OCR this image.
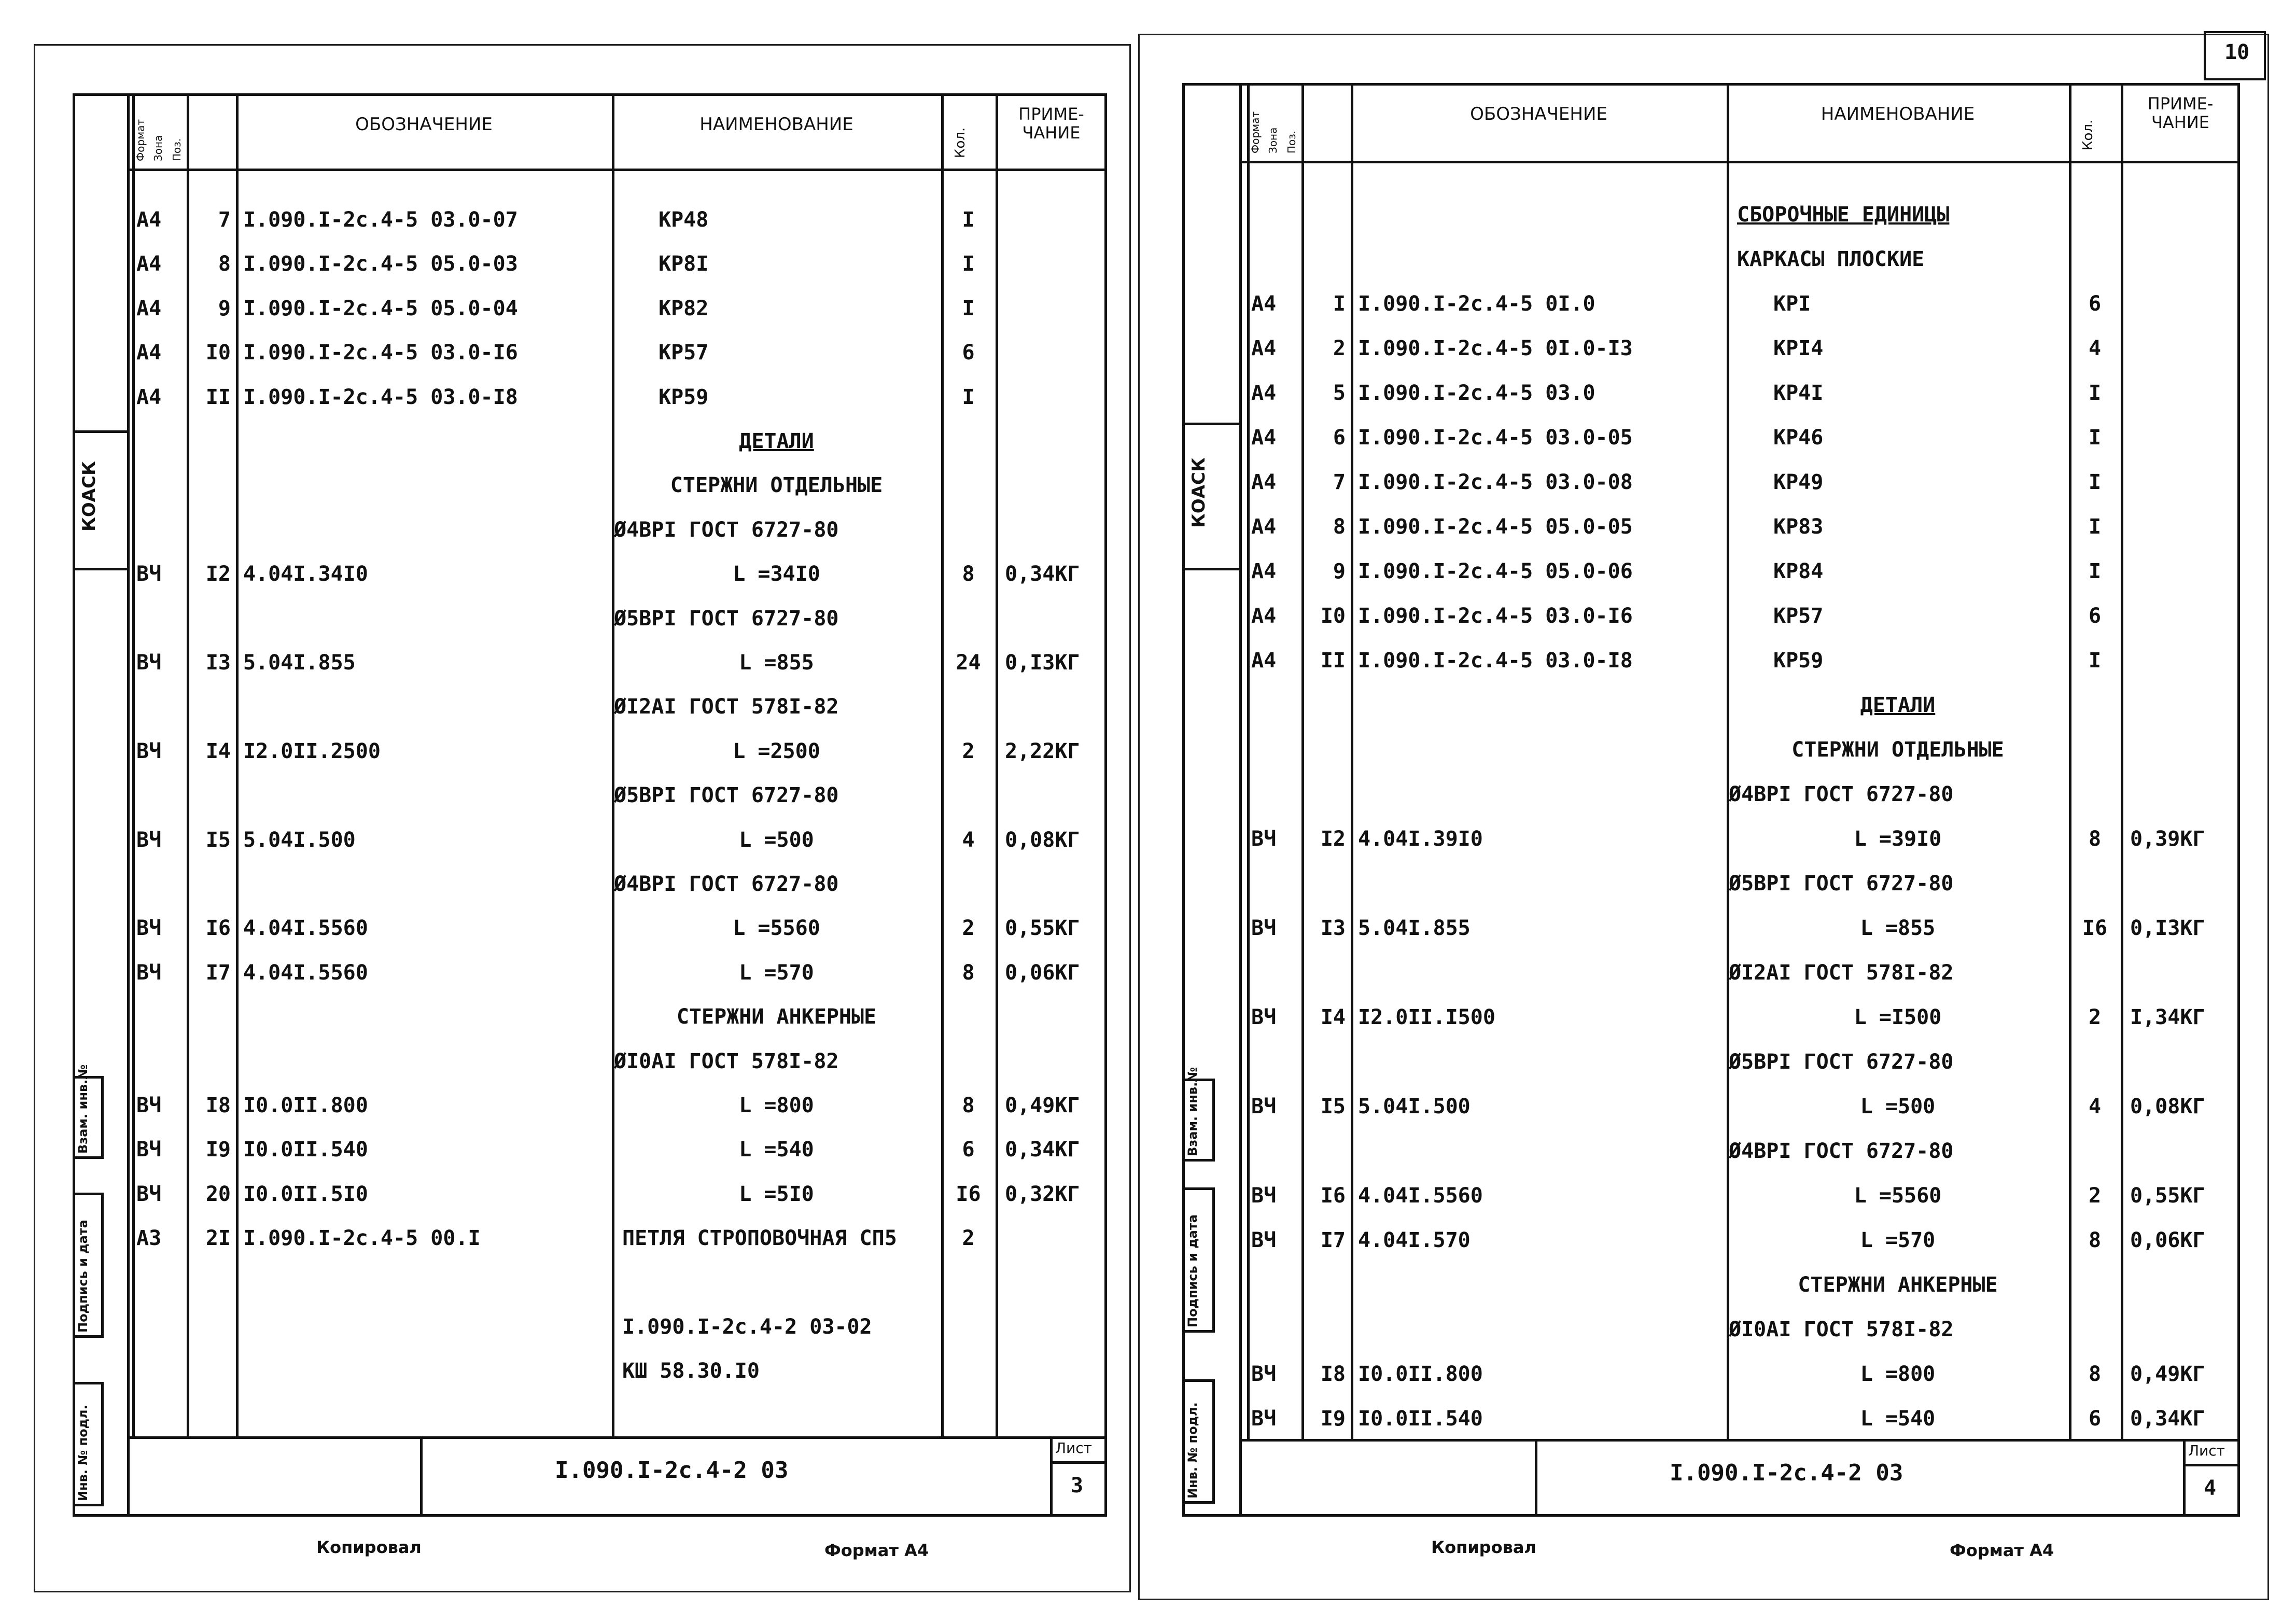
10
КОАСК
Взам. инв.№
Подпись и дата
Инв. № подл.
Формат Зона Поз.
ОБОЗНАЧЕНИЕ	НАИМЕНОВАНИЕ
Кол.
ПРИМЕ-
ЧАНИЕ
А4	7 I.090.I-2c.4-5 03.0-07	КР48	I
А4	8 I.090.I-2c.4-5 05.0-03	КР8I	I
А4	9 I.090.I-2c.4-5 05.0-04	КР82	I
А4	I0 I.090.I-2c.4-5 03.0-I6	КР57	6
А4	II I.090.I-2c.4-5 03.0-I8	КР59	I
ДЕТАЛИ
СТЕРЖНИ ОТДЕЛЬНЫЕ
Ø4ВРI ГОСТ 6727-80
ВЧ	I2 4.04I.34I0	L =34I0	8	0,34КГ
Ø5ВРI ГОСТ 6727-80
ВЧ	I3 5.04I.855	L =855	24	0,I3КГ
ØI2АI ГОСТ 578I-82
ВЧ	I4 I2.0II.2500	L =2500	2	2,22КГ
Ø5ВРI ГОСТ 6727-80
ВЧ	I5 5.04I.500	L =500	4	0,08КГ
Ø4ВРI ГОСТ 6727-80
ВЧ	I6 4.04I.5560	L =5560	2	0,55КГ
ВЧ	I7 4.04I.5560	L =570	8	0,06КГ
СТЕРЖНИ АНКЕРНЫЕ
ØI0АI ГОСТ 578I-82
ВЧ	I8 I0.0II.800	L =800	8	0,49КГ
ВЧ	I9 I0.0II.540	L =540	6	0,34КГ
ВЧ	20 I0.0II.5I0	L =5I0	I6	0,32КГ
А3	2I I.090.I-2c.4-5 00.I	ПЕТЛЯ СТРОПОВОЧНАЯ СП5	2
I.090.I-2c.4-2 03-02
КШ 58.30.I0
I.090.I-2c.4-2 03
Лист
3
Копировал	Формат А4
КОАСК
Взам. инв.№
Подпись и дата
Инв. № подл.
Формат Зона Поз.
ОБОЗНАЧЕНИЕ	НАИМЕНОВАНИЕ
Кол.
ПРИМЕ-
ЧАНИЕ
СБОРОЧНЫЕ ЕДИНИЦЫ
КАРКАСЫ ПЛОСКИЕ
А4	I I.090.I-2c.4-5 0I.0	КРI	6
А4	2 I.090.I-2c.4-5 0I.0-I3	КРI4	4
А4	5 I.090.I-2c.4-5 03.0	КР4I	I
А4	6 I.090.I-2c.4-5 03.0-05	КР46	I
А4	7 I.090.I-2c.4-5 03.0-08	КР49	I
А4	8 I.090.I-2c.4-5 05.0-05	КР83	I
А4	9 I.090.I-2c.4-5 05.0-06	КР84	I
А4	I0 I.090.I-2c.4-5 03.0-I6	КР57	6
А4	II I.090.I-2c.4-5 03.0-I8	КР59	I
ДЕТАЛИ
СТЕРЖНИ ОТДЕЛЬНЫЕ
Ø4ВРI ГОСТ 6727-80
ВЧ	I2 4.04I.39I0	L =39I0	8	0,39КГ
Ø5ВРI ГОСТ 6727-80
ВЧ	I3 5.04I.855	L =855	I6	0,I3КГ
ØI2АI ГОСТ 578I-82
ВЧ	I4 I2.0II.I500	L =I500	2	I,34КГ
Ø5ВРI ГОСТ 6727-80
ВЧ	I5 5.04I.500	L =500	4	0,08КГ
Ø4ВРI ГОСТ 6727-80
ВЧ	I6 4.04I.5560	L =5560	2	0,55КГ
ВЧ	I7 4.04I.570	L =570	8	0,06КГ
СТЕРЖНИ АНКЕРНЫЕ
ØI0АI ГОСТ 578I-82
ВЧ	I8 I0.0II.800	L =800	8	0,49КГ
ВЧ	I9 I0.0II.540	L =540	6	0,34КГ
I.090.I-2c.4-2 03
Лист
4
Копировал	Формат А4
